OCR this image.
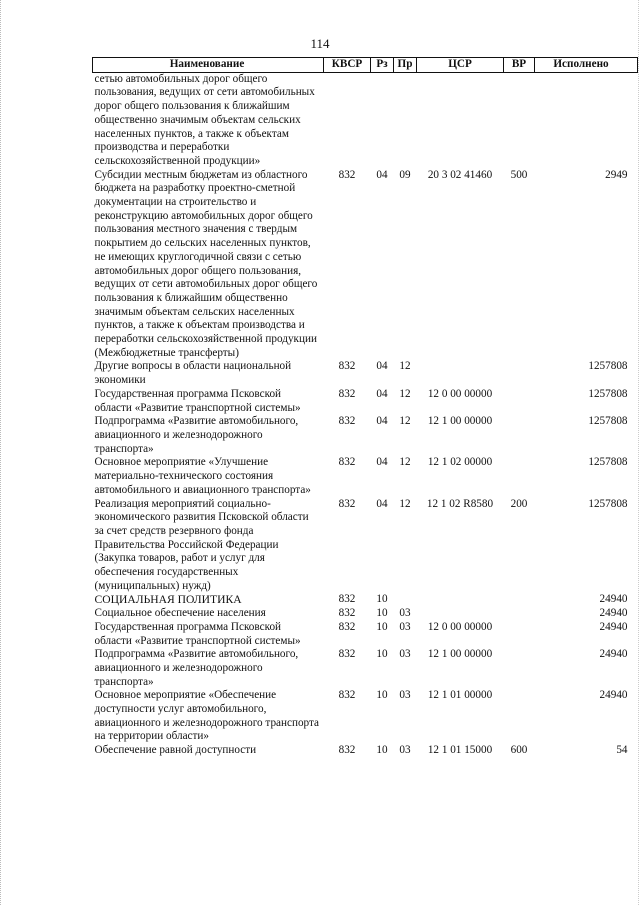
114
Наименование	КВСР	Рз	Пр	ЦСР	ВР	Исполнено
сетью автомобильных дорог общего пользования, ведущих от сети автомобильных дорог общего пользования к ближайшим общественно значимым объектам сельских населенных пунктов, а также к объектам производства и переработки сельскохозяйственной продукции»						
Субсидии местным бюджетам из областного бюджета на разработку проектно-сметной документации на строительство и реконструкцию автомобильных дорог общего пользования местного значения с твердым покрытием до сельских населенных пунктов, не имеющих круглогодичной связи с сетью автомобильных дорог общего пользования, ведущих от сети автомобильных дорог общего пользования к ближайшим общественно значимым объектам сельских населенных пунктов, а также к объектам производства и переработки сельскохозяйственной продукции (Межбюджетные трансферты)	832	04	09	20 3 02 41460	500	2949
Другие вопросы в области национальной экономики	832	04	12			1257808
Государственная программа Псковской области «Развитие транспортной системы»	832	04	12	12 0 00 00000		1257808
Подпрограмма «Развитие автомобильного, авиационного и железнодорожного транспорта»	832	04	12	12 1 00 00000		1257808
Основное мероприятие «Улучшение материально-технического состояния автомобильного и авиационного транспорта»	832	04	12	12 1 02 00000		1257808
Реализация мероприятий социально-экономического развития Псковской области за счет средств резервного фонда Правительства Российской Федерации (Закупка товаров, работ и услуг для обеспечения государственных (муниципальных) нужд)	832	04	12	12 1 02 R8580	200	1257808
СОЦИАЛЬНАЯ ПОЛИТИКА	832	10				24940
Социальное обеспечение населения	832	10	03			24940
Государственная программа Псковской области «Развитие транспортной системы»	832	10	03	12 0 00 00000		24940
Подпрограмма «Развитие автомобильного, авиационного и железнодорожного транспорта»	832	10	03	12 1 00 00000		24940
Основное мероприятие «Обеспечение доступности услуг автомобильного, авиационного и железнодорожного транспорта на территории области»	832	10	03	12 1 01 00000		24940
Обеспечение равной доступности	832	10	03	12 1 01 15000	600	54
